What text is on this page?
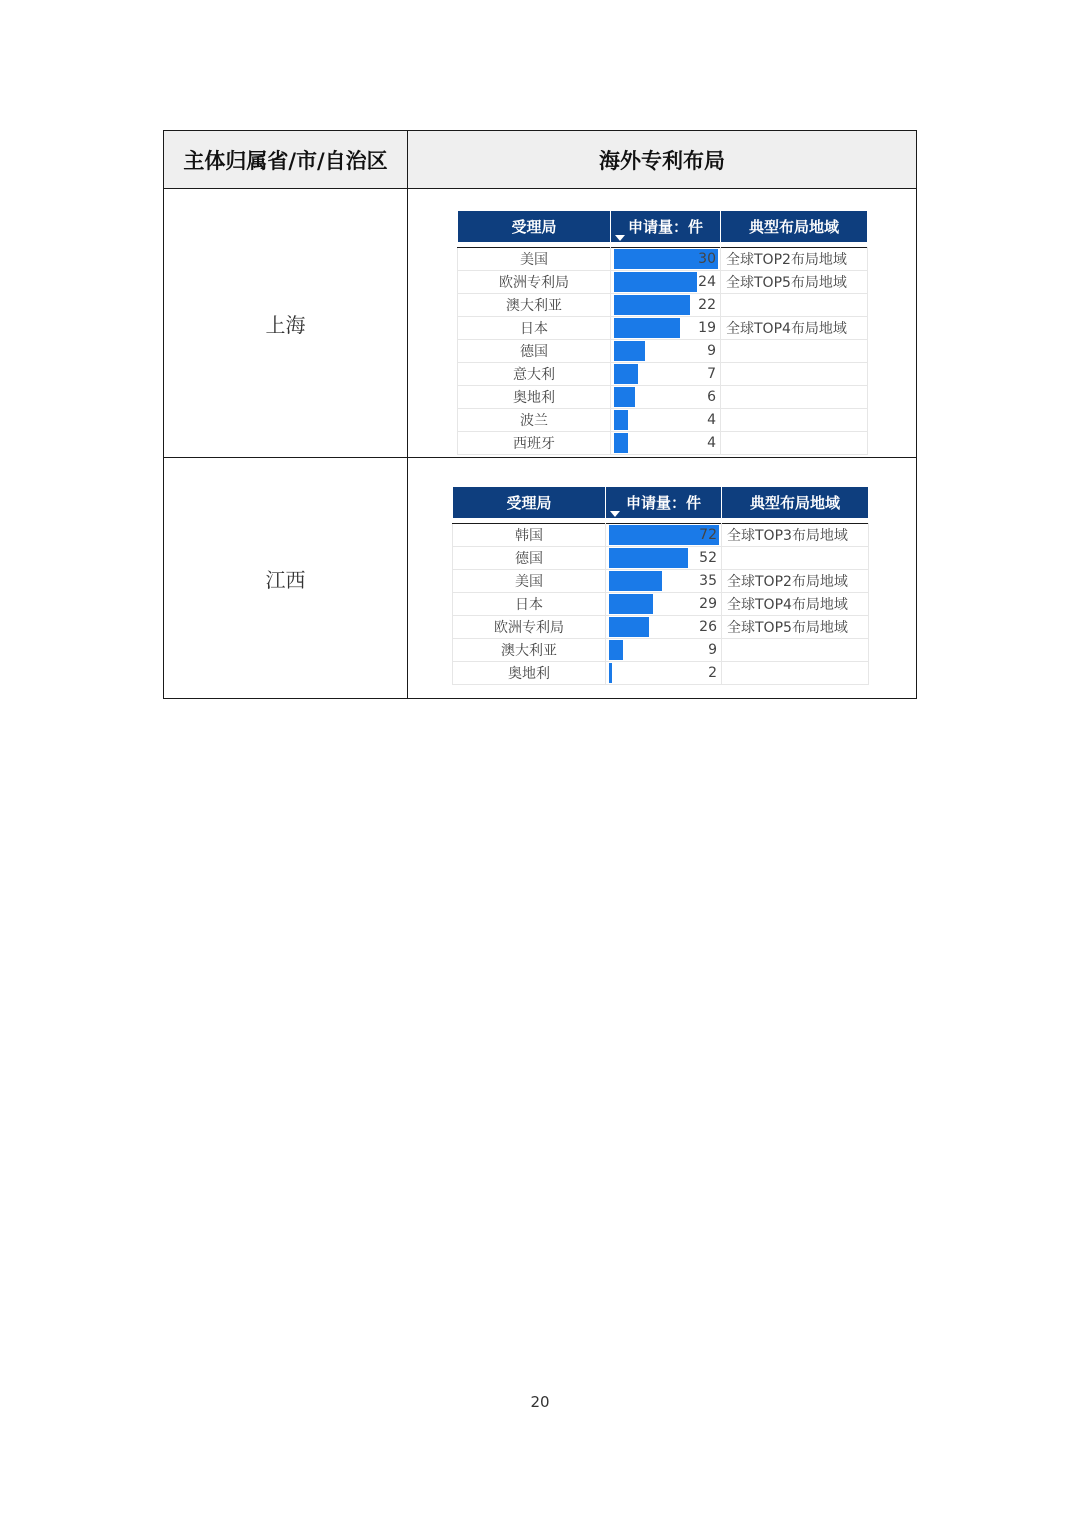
主体归属省/市/自治区	海外专利布局
上海	
受理局	申请量：件	典型布局地域

美国	30	全球TOP2布局地域
欧洲专利局	24	全球TOP5布局地域
澳大利亚	22

日本	19	全球TOP4布局地域
德国	9

意大利	7

奥地利	6

波兰	4

西班牙	4

江西	
受理局	申请量：件	典型布局地域

韩国	72	全球TOP3布局地域
德国	52

美国	35	全球TOP2布局地域
日本	29	全球TOP4布局地域
欧洲专利局	26	全球TOP5布局地域
澳大利亚	9

奥地利	2

20
